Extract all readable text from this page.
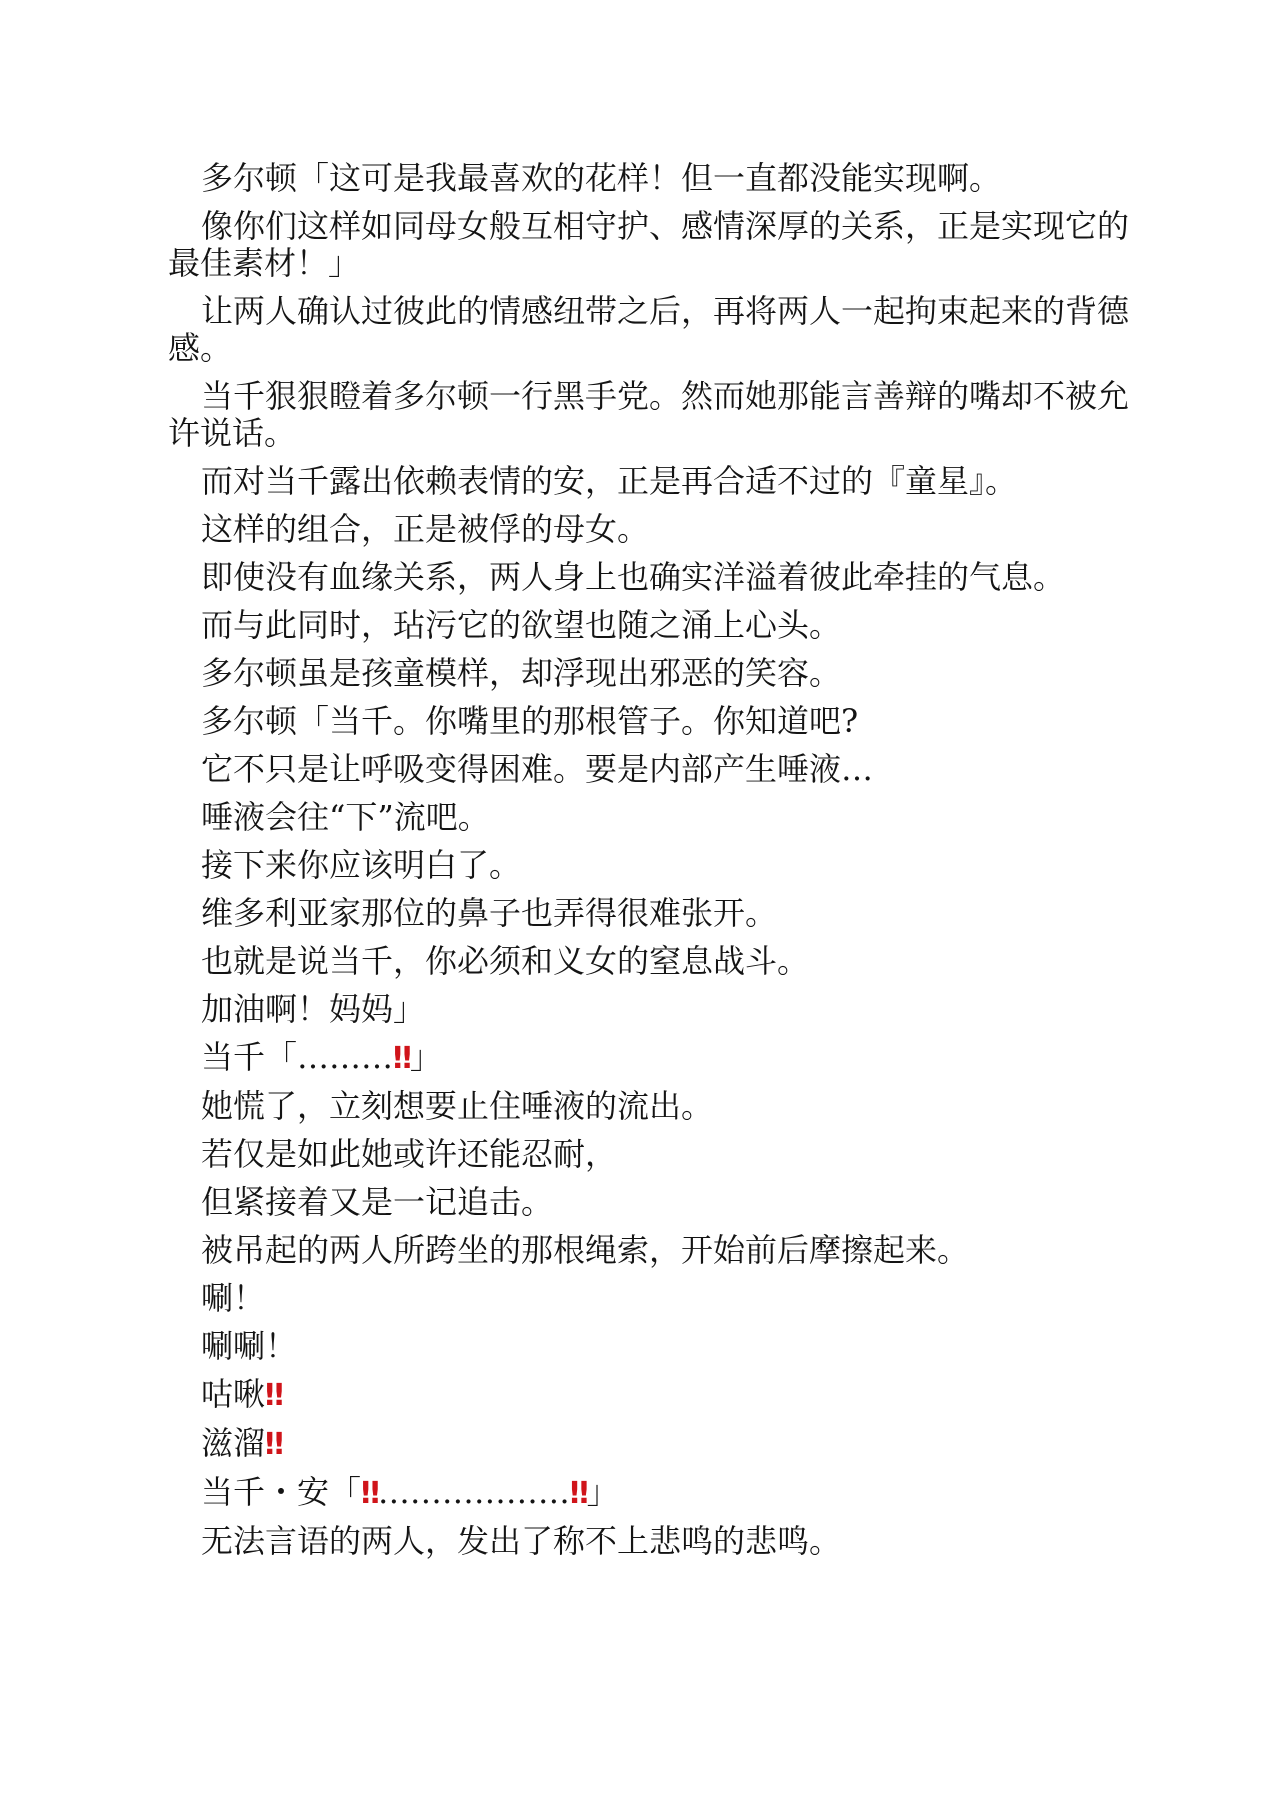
多尔顿「这可是我最喜欢的花样！但一直都没能实现啊。

像你们这样如同母女般互相守护、感情深厚的关系，正是实现它的最佳素材！」

让两人确认过彼此的情感纽带之后，再将两人一起拘束起来的背德感。

当千狠狠瞪着多尔顿一行黑手党。然而她那能言善辩的嘴却不被允许说话。

而对当千露出依赖表情的安，正是再合适不过的『童星』。

这样的组合，正是被俘的母女。

即使没有血缘关系，两人身上也确实洋溢着彼此牵挂的气息。

而与此同时，玷污它的欲望也随之涌上心头。

多尔顿虽是孩童模样，却浮现出邪恶的笑容。

多尔顿「当千。你嘴里的那根管子。你知道吧?

它不只是让呼吸变得困难。要是内部产生唾液…

唾液会往“下”流吧。

接下来你应该明白了。

维多利亚家那位的鼻子也弄得很难张开。

也就是说当千，你必须和义女的窒息战斗。

加油啊！妈妈」

当千「………‼」

她慌了，立刻想要止住唾液的流出。

若仅是如此她或许还能忍耐，

但紧接着又是一记追击。

被吊起的两人所跨坐的那根绳索，开始前后摩擦起来。

唰！

唰唰！

咕啾‼

滋溜‼

当千・安「‼………………‼」

无法言语的两人，发出了称不上悲鸣的悲鸣。
